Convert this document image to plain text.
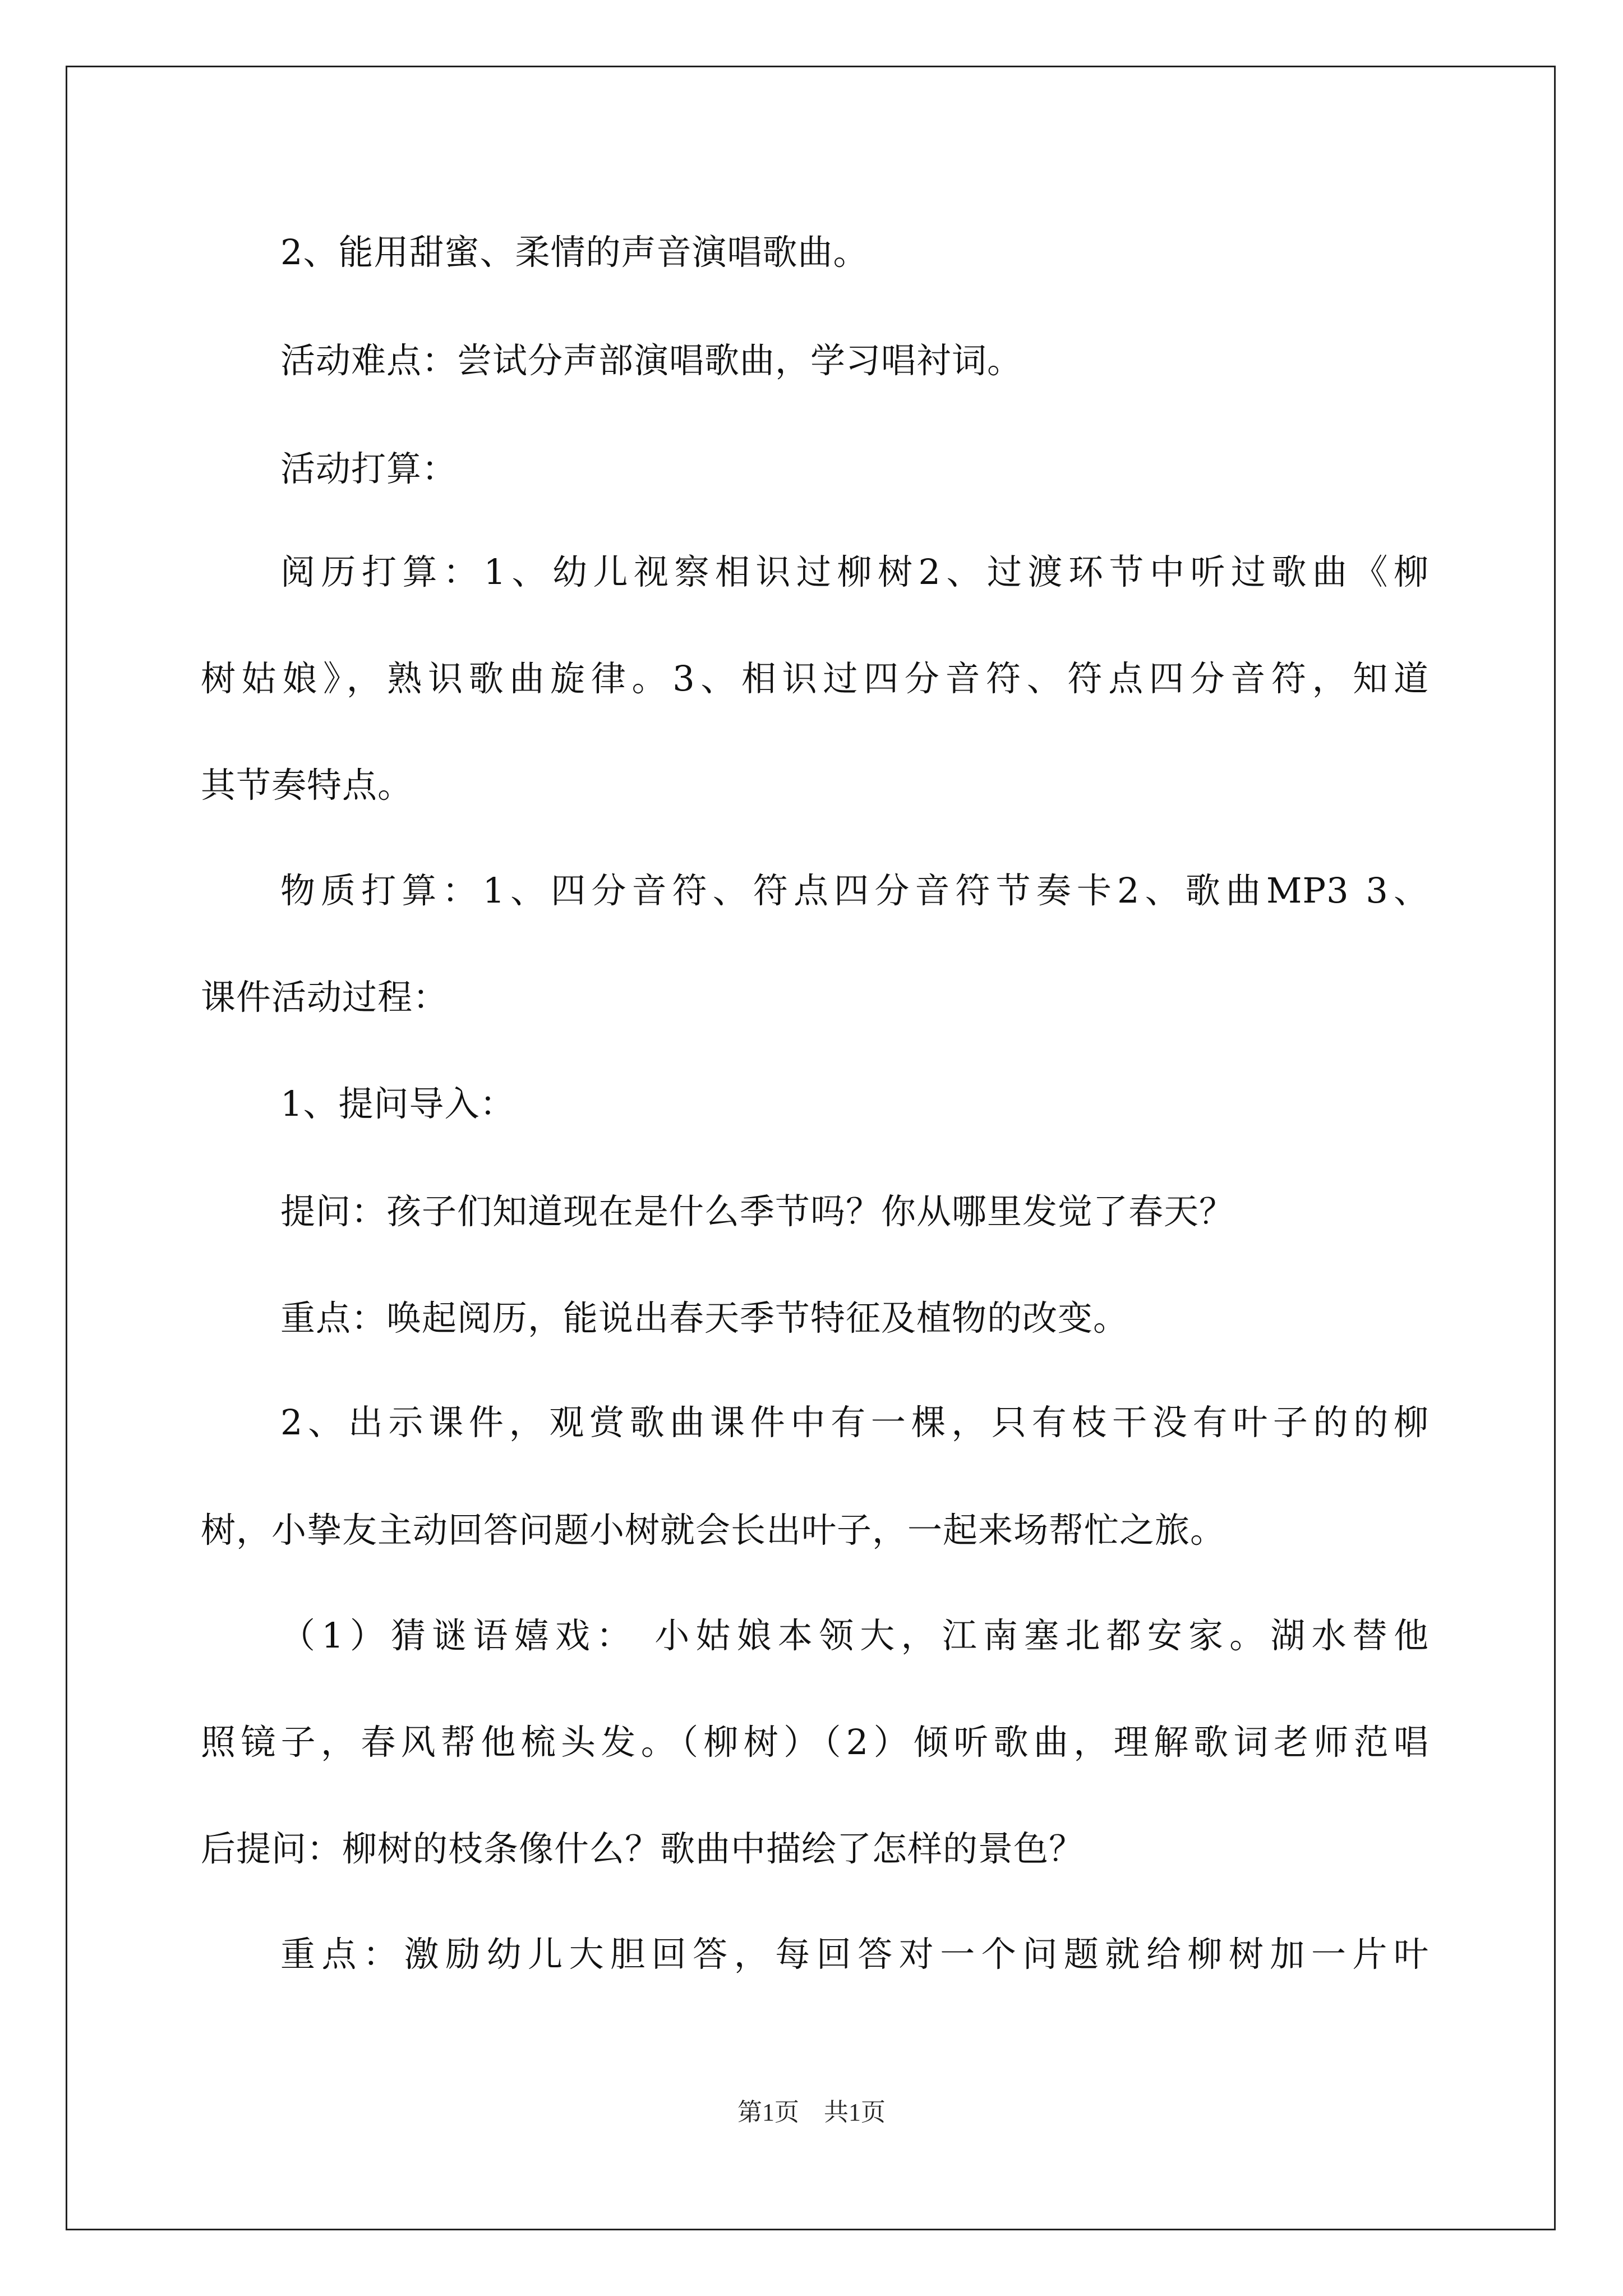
2、能用甜蜜、柔情的声音演唱歌曲。
活动难点：尝试分声部演唱歌曲，学习唱衬词。
活动打算：
阅历打算：1、幼儿视察相识过柳树2、过渡环节中听过歌曲《柳
树姑娘》，熟识歌曲旋律。3、相识过四分音符、符点四分音符，知道
其节奏特点。
物质打算：1、四分音符、符点四分音符节奏卡2、歌曲MP3 3、
课件活动过程：
1、提问导入：
提问：孩子们知道现在是什么季节吗？你从哪里发觉了春天？
重点：唤起阅历，能说出春天季节特征及植物的改变。
2、出示课件，观赏歌曲课件中有一棵，只有枝干没有叶子的的柳
树，小挚友主动回答问题小树就会长出叶子，一起来场帮忙之旅。
（1）猜谜语嬉戏： 小姑娘本领大，江南塞北都安家。湖水替他
照镜子，春风帮他梳头发。（柳树）（2）倾听歌曲，理解歌词老师范唱
后提问：柳树的枝条像什么？歌曲中描绘了怎样的景色？
重点：激励幼儿大胆回答，每回答对一个问题就给柳树加一片叶
第1页　共1页
